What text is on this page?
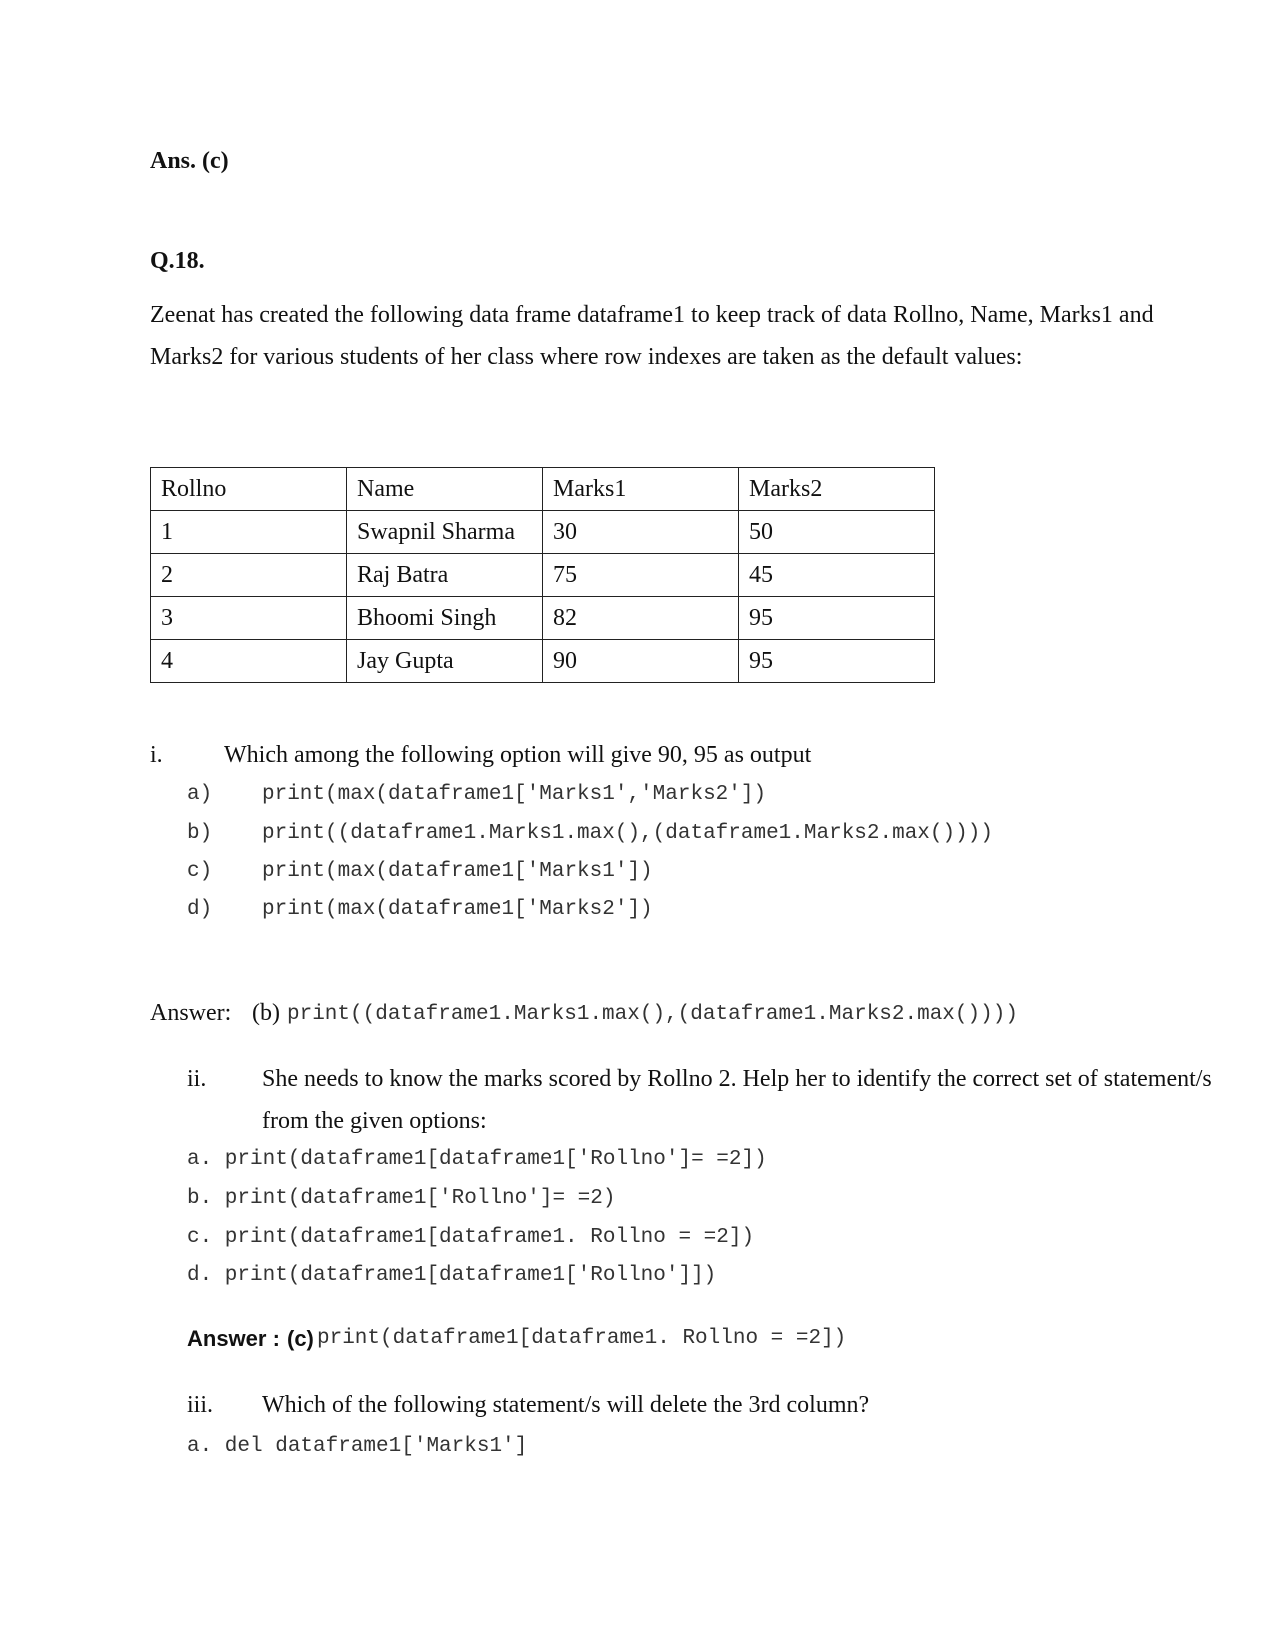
Ans. (c)
Q.18.
Zeenat has created the following data frame dataframe1 to keep track of data Rollno, Name, Marks1 and Marks2 for various students of her class where row indexes are taken as the default values:
Rollno	Name	Marks1	Marks2
1	Swapnil Sharma	30	50
2	Raj Batra	75	45
3	Bhoomi Singh	82	95
4	Jay Gupta	90	95
i.	Which among the following option will give 90, 95 as output
a) print(max(dataframe1['Marks1','Marks2'])
b) print((dataframe1.Marks1.max(),(dataframe1.Marks2.max())))
c) print(max(dataframe1['Marks1'])
d) print(max(dataframe1['Marks2'])
Answer: (b) print((dataframe1.Marks1.max(),(dataframe1.Marks2.max())))
ii. She needs to know the marks scored by Rollno 2. Help her to identify the correct set of statement/s
from the given options:
a. print(dataframe1[dataframe1['Rollno']= =2])
b. print(dataframe1['Rollno']= =2)
c. print(dataframe1[dataframe1. Rollno = =2])
d. print(dataframe1[dataframe1['Rollno']])
Answer : (c) print(dataframe1[dataframe1. Rollno = =2])
iii. Which of the following statement/s will delete the 3rd column?
a. del dataframe1['Marks1']
